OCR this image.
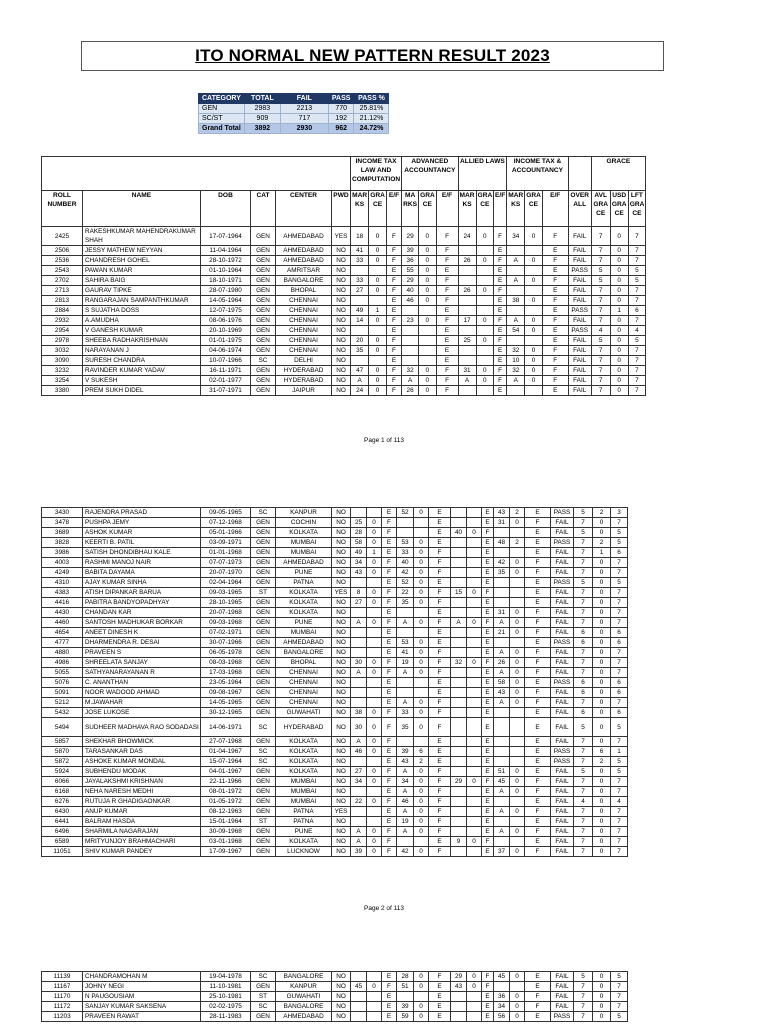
ITO NORMAL NEW PATTERN RESULT 2023
CATEGORY	TOTAL	FAIL	PASS	PASS %
GEN	2983	2213	770	25.81%
SC/ST	909	717	192	21.12%
Grand Total	3892	2930	962	24.72%
						INCOME TAX LAW AND COMPUTATION			ADVANCED ACCOUNTANCY			ALLIED LAWS			INCOME TAX & ACCOUNTANCY				GRACE		
ROLL NUMBER	NAME	DOB	CAT	CENTER	PWD	MAR KS	GRA CE	E/F	MA RKS	GRA CE	E/F	MAR KS	GRA CE	E/F	MAR KS	GRA CE	E/F	OVER ALL	AVL GRA CE	USD GRA CE	LFT GRA CE
2425	RAKESHKUMAR MAHENDRAKUMAR SHAH	17-07-1964	GEN	AHMEDABAD	YES	18	0	F	29	0	F	24	0	F	34	0	F	FAIL	7	0	7
2506	JESSY MATHEW NEYYAN	11-04-1964	GEN	AHMEDABAD	NO	41	0	F	39	0	F			E			E	FAIL	7	0	7
2536	CHANDRESH GOHEL	28-10-1972	GEN	AHMEDABAD	NO	33	0	F	36	0	F	26	0	F	A	0	F	FAIL	7	0	7
2543	PAWAN KUMAR	01-10-1964	GEN	AMRITSAR	NO			E	55	0	E			E			E	PASS	5	0	5
2702	SAHIRA BAIG	18-10-1971	GEN	BANGALORE	NO	33	0	F	29	0	F			E	A	0	F	FAIL	5	0	5
2713	GAURAV TIPKE	28-07-1980	GEN	BHOPAL	NO	27	0	F	40	0	F	26	0	F			E	FAIL	7	0	7
2813	RANGARAJAN SAMPANTHKUMAR	14-05-1964	GEN	CHENNAI	NO			E	46	0	F			E	38	0	F	FAIL	7	0	7
2884	S SUJATHA DOSS	12-07-1975	GEN	CHENNAI	NO	49	1	E			E			E			E	PASS	7	1	6
2932	A.AMUDHA	08-06-1976	GEN	CHENNAI	NO	14	0	F	23	0	F	17	0	F	A	0	F	FAIL	7	0	7
2954	V GANESH KUMAR	20-10-1969	GEN	CHENNAI	NO			E			E			E	54	0	E	PASS	4	0	4
2978	SHEEBA RADHAKRISHNAN	01-01-1975	GEN	CHENNAI	NO	20	0	F			E	25	0	F			E	FAIL	5	0	5
3032	NARAYANAN J	04-06-1974	GEN	CHENNAI	NO	35	0	F			E			E	32	0	F	FAIL	7	0	7
3090	SURESH CHANDRA	10-07-1966	SC	DELHI	NO			E			E			E	10	0	F	FAIL	7	0	7
3232	RAVINDER KUMAR YADAV	16-11-1971	GEN	HYDERABAD	NO	47	0	F	32	0	F	31	0	F	32	0	F	FAIL	7	0	7
3254	V SUKESH	02-01-1977	GEN	HYDERABAD	NO	A	0	F	A	0	F	A	0	F	A	0	F	FAIL	7	0	7
3380	PREM SUKH DIDEL	31-07-1971	GEN	JAIPUR	NO	24	0	F	26	0	F			E			E	FAIL	7	0	7
Page 1 of 113
3430	RAJENDRA PRASAD	09-05-1965	SC	KANPUR	NO			E	52	0	E			E	43	2	E	PASS	5	2	3
3478	PUSHPA JEMY	07-12-1968	GEN	COCHIN	NO	25	0	F			E			E	31	0	F	FAIL	7	0	7
3689	ASHOK KUMAR	05-01-1966	GEN	KOLKATA	NO	28	0	F			E	40	0	F			E	FAIL	5	0	5
3828	KEERTI B. PATIL	03-09-1971	GEN	MUMBAI	NO	58	0	E	53	0	E			E	48	2	E	PASS	7	2	5
3986	SATISH DHONDIBHAU KALE	01-01-1968	GEN	MUMBAI	NO	49	1	E	33	0	F			E			E	FAIL	7	1	6
4003	RASHMI MANOJ NAIR	07-07-1973	GEN	AHMEDABAD	NO	34	0	F	40	0	F			E	42	0	F	FAIL	7	0	7
4249	BABITA DAYAMA	20-07-1970	GEN	PUNE	NO	43	0	F	42	0	F			E	35	0	F	FAIL	7	0	7
4310	AJAY KUMAR SINHA	02-04-1964	GEN	PATNA	NO			E	52	0	E			E			E	PASS	5	0	5
4383	ATISH DIPANKAR BARUA	09-03-1965	ST	KOLKATA	YES	8	0	F	22	0	F	15	0	F			E	FAIL	7	0	7
4416	PABITRA BANDYOPADHYAY	28-10-1965	GEN	KOLKATA	NO	27	0	F	35	0	F			E			E	FAIL	7	0	7
4430	CHANDAN KAR	20-07-1968	GEN	KOLKATA	NO			E			E			E	31	0	F	FAIL	7	0	7
4460	SANTOSH MADHUKAR BORKAR	09-03-1968	GEN	PUNE	NO	A	0	F	A	0	F	A	0	F	A	0	F	FAIL	7	0	7
4654	ANEET DINESH K	07-02-1971	GEN	MUMBAI	NO			E			E			E	21	0	F	FAIL	6	0	6
4777	DHARMENDRA R. DESAI	30-07-1966	GEN	AHMEDABAD	NO			E	53	0	E			E			E	PASS	6	0	6
4880	PRAVEEN S	06-05-1978	GEN	BANGALORE	NO			E	41	0	F			E	A	0	F	FAIL	7	0	7
4986	SHREELATA SANJAY	08-03-1968	GEN	BHOPAL	NO	30	0	F	19	0	F	32	0	F	26	0	F	FAIL	7	0	7
5055	SATHYANARAYANAN R	17-03-1968	GEN	CHENNAI	NO	A	0	F	A	0	F			E	A	0	F	FAIL	7	0	7
5076	C. ANANTHAN	23-05-1964	GEN	CHENNAI	NO			E			E			E	58	0	E	PASS	6	0	6
5091	NOOR WADOOD AHMAD	09-08-1967	GEN	CHENNAI	NO			E			E			E	43	0	F	FAIL	6	0	6
5212	M.JAWAHAR	14-05-1965	GEN	CHENNAI	NO			E	A	0	F			E	A	0	F	FAIL	7	0	7
5432	JOSE LUKOSE	30-12-1965	GEN	GUWAHATI	NO	38	0	F	33	0	F			E			E	FAIL	6	0	6
5494	SUDHEER MADHAVA RAO SODADASI	14-06-1971	SC	HYDERABAD	NO	30	0	F	35	0	F			E			E	FAIL	5	0	5
5857	SHEKHAR BHOWMICK	27-07-1968	GEN	KOLKATA	NO	A	0	F			E			E			E	FAIL	7	0	7
5870	TARASANKAR DAS	01-04-1967	SC	KOLKATA	NO	46	0	E	39	6	E			E			E	PASS	7	6	1
5872	ASHOKE KUMAR MONDAL	15-07-1964	SC	KOLKATA	NO			E	43	2	E			E			E	PASS	7	2	5
5924	SUBHENDU MODAK	04-01-1967	GEN	KOLKATA	NO	27	0	F	A	0	F			E	51	0	E	FAIL	5	0	5
6066	JAYALAKSHMI KRISHNAN	22-11-1966	GEN	MUMBAI	NO	34	0	F	34	0	F	29	0	F	45	0	F	FAIL	7	0	7
6168	NEHA NARESH MEDHI	08-01-1972	GEN	MUMBAI	NO			E	A	0	F			E	A	0	F	FAIL	7	0	7
6276	RUTUJA R GHADIGAONKAR	01-05-1972	GEN	MUMBAI	NO	22	0	F	46	0	F			E			E	FAIL	4	0	4
6430	ANUP KUMAR	08-12-1963	GEN	PATNA	YES			E	A	0	F			E	A	0	F	FAIL	7	0	7
6441	BALRAM HASDA	15-01-1964	ST	PATNA	NO			E	19	0	F			E			E	FAIL	7	0	7
6496	SHARMILA NAGARAJAN	30-09-1968	GEN	PUNE	NO	A	0	F	A	0	F			E	A	0	F	FAIL	7	0	7
6589	MRITYUNJOY BRAHMACHARI	03-01-1968	GEN	KOLKATA	NO	A	0	F			E	9	0	F			E	FAIL	7	0	7
11051	SHIV KUMAR PANDEY	17-09-1967	GEN	LUCKNOW	NO	39	0	F	42	0	F			E	37	0	F	FAIL	7	0	7
Page 2 of 113
11139	CHANDRAMOHAN M	19-04-1978	SC	BANGALORE	NO			E	28	0	F	29	0	F	45	0	E	FAIL	5	0	5
11167	JOHNY NEGI	11-10-1981	GEN	KANPUR	NO	45	0	F	51	0	E	43	0	F			E	FAIL	7	0	7
11170	N PAUGOUSIAM	25-10-1981	ST	GUWAHATI	NO			E			E			E	36	0	F	FAIL	7	0	7
11172	SANJAY KUMAR SAKSENA	02-02-1975	SC	BANGALORE	NO			E	39	0	E			E	34	0	F	FAIL	7	0	7
11203	PRAVEEN RAWAT	28-11-1983	GEN	AHMEDABAD	NO			E	59	0	E			E	56	0	E	PASS	7	0	5
